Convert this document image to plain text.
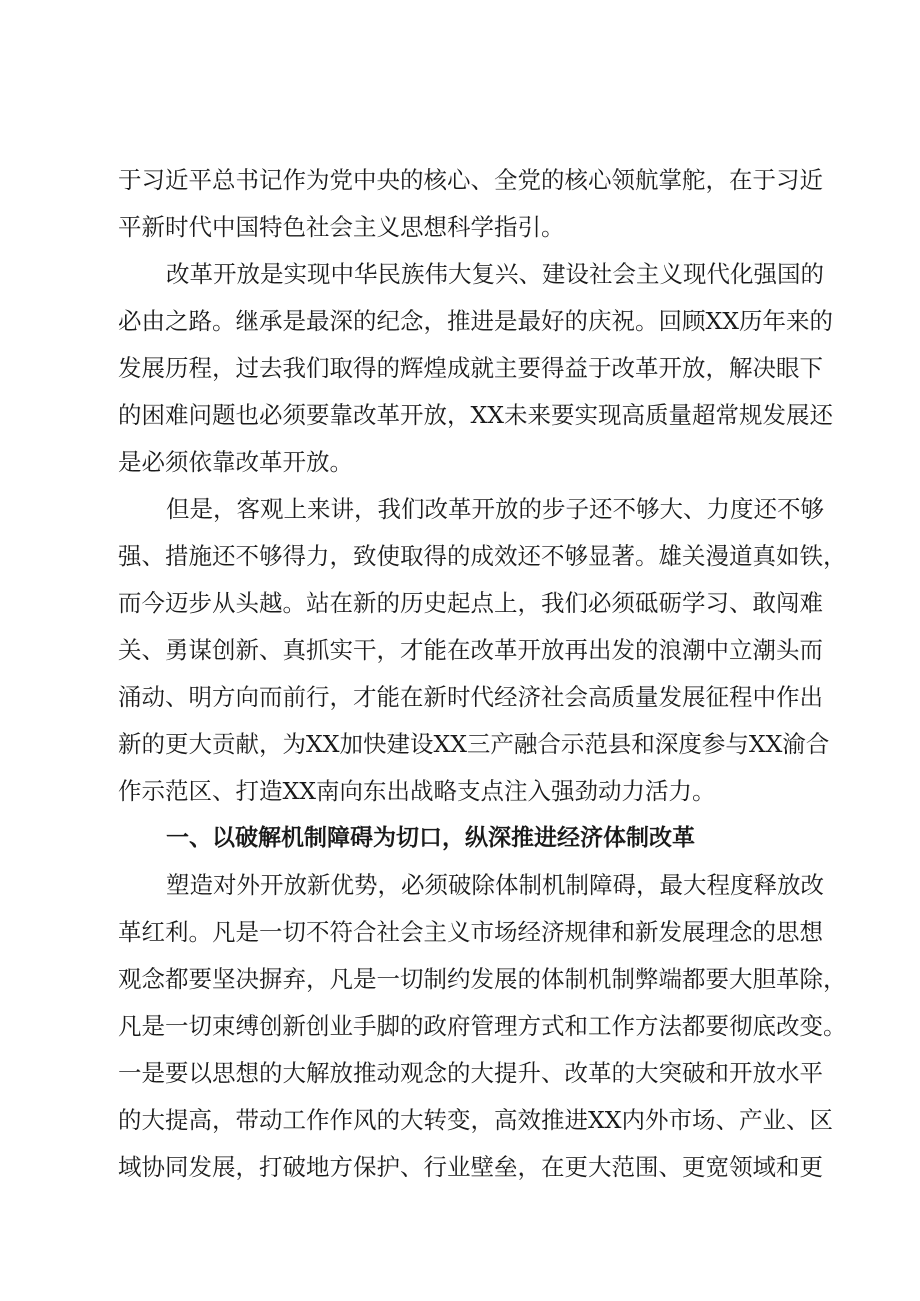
于习近平总书记作为党中央的核心、全党的核心领航掌舵，在于习近
平新时代中国特色社会主义思想科学指引。
改革开放是实现中华民族伟大复兴、建设社会主义现代化强国的
必由之路。继承是最深的纪念，推进是最好的庆祝。回顾XX历年来的
发展历程，过去我们取得的辉煌成就主要得益于改革开放，解决眼下
的困难问题也必须要靠改革开放，XX未来要实现高质量超常规发展还
是必须依靠改革开放。
但是，客观上来讲，我们改革开放的步子还不够大、力度还不够
强、措施还不够得力，致使取得的成效还不够显著。雄关漫道真如铁，
而今迈步从头越。站在新的历史起点上，我们必须砥砺学习、敢闯难
关、勇谋创新、真抓实干，才能在改革开放再出发的浪潮中立潮头而
涌动、明方向而前行，才能在新时代经济社会高质量发展征程中作出
新的更大贡献，为XX加快建设XX三产融合示范县和深度参与XX渝合
作示范区、打造XX南向东出战略支点注入强劲动力活力。
一、以破解机制障碍为切口，纵深推进经济体制改革
塑造对外开放新优势，必须破除体制机制障碍，最大程度释放改
革红利。凡是一切不符合社会主义市场经济规律和新发展理念的思想
观念都要坚决摒弃，凡是一切制约发展的体制机制弊端都要大胆革除，
凡是一切束缚创新创业手脚的政府管理方式和工作方法都要彻底改变。
一是要以思想的大解放推动观念的大提升、改革的大突破和开放水平
的大提高，带动工作作风的大转变，高效推进XX内外市场、产业、区
域协同发展，打破地方保护、行业壁垒，在更大范围、更宽领域和更
